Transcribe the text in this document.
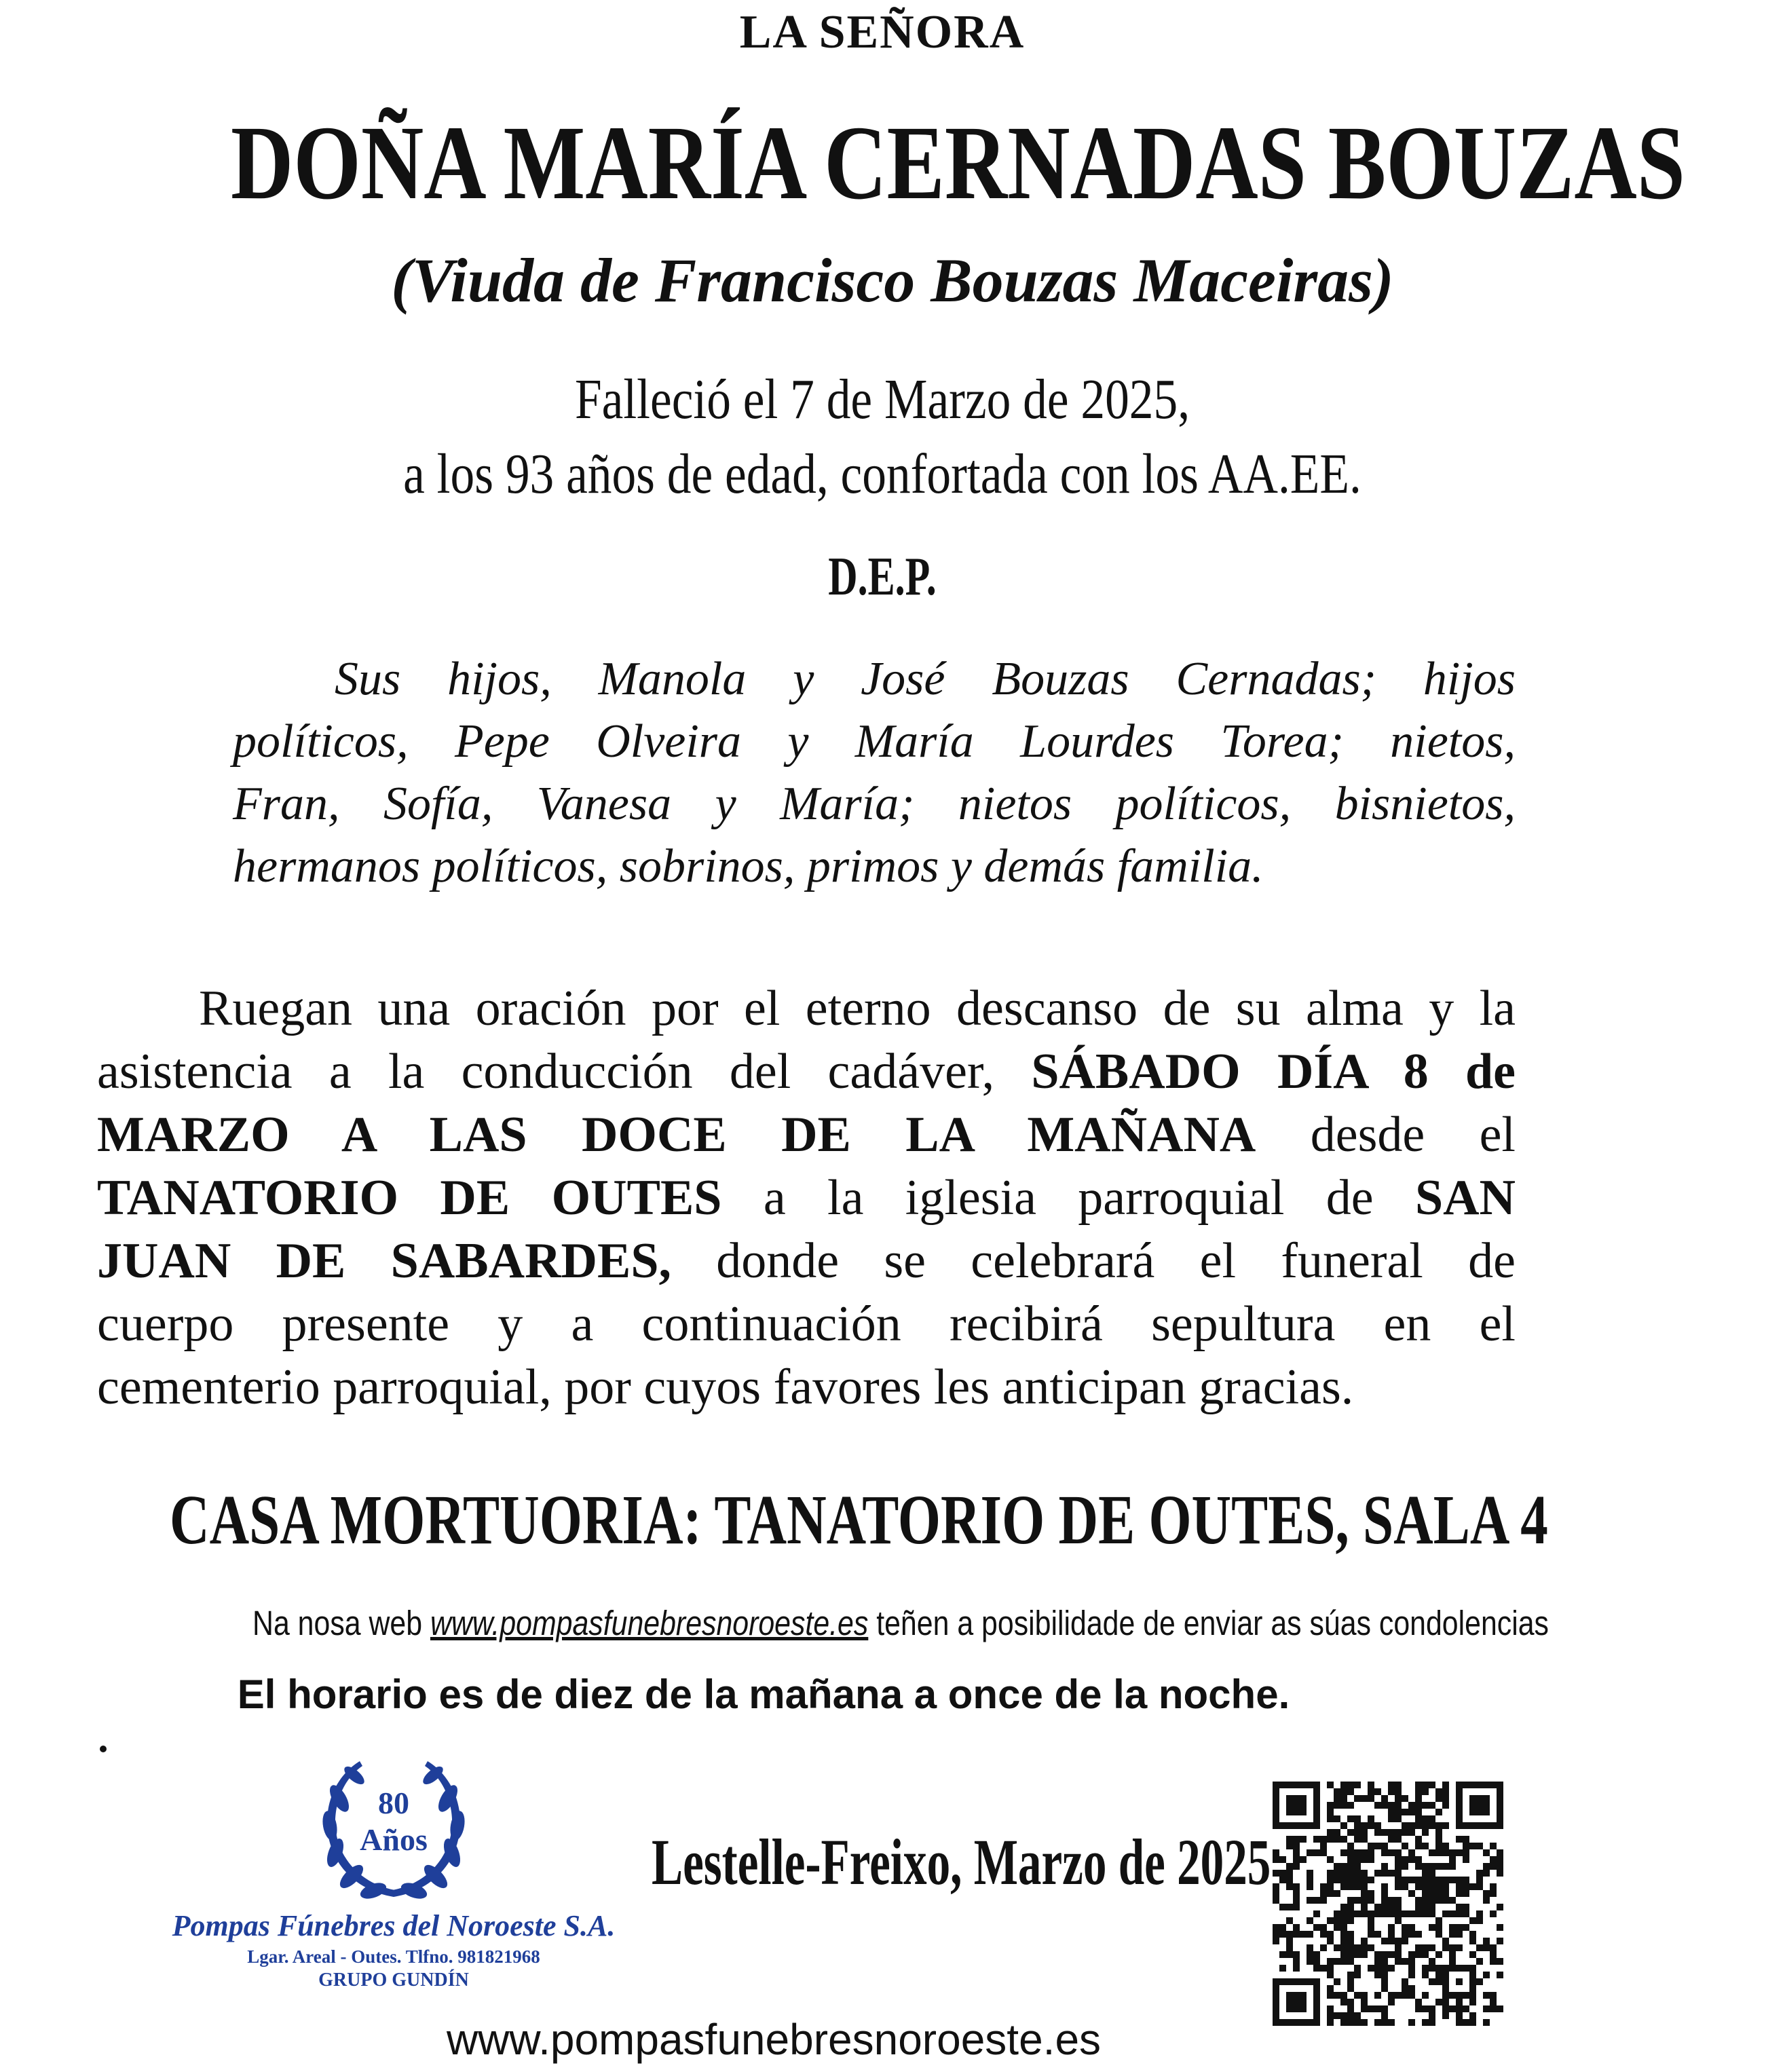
LA SEÑORA
DOÑA MARÍA CERNADAS BOUZAS
(Viuda de Francisco Bouzas Maceiras)
Falleció el 7 de Marzo de 2025,
a los 93 años de edad, confortada con los AA.EE.
D.E.P.
Sus hijos, Manola y José Bouzas Cernadas; hijos
políticos, Pepe Olveira y María Lourdes Torea; nietos,
Fran, Sofía, Vanesa y María; nietos políticos, bisnietos,
hermanos políticos, sobrinos, primos y demás familia.
Ruegan una oración por el eterno descanso de su alma y la
asistencia a la conducción del cadáver, SÁBADO DÍA 8 de
MARZO A LAS DOCE DE LA MAÑANA desde el
TANATORIO DE OUTES a la iglesia parroquial de SAN
JUAN DE SABARDES, donde se celebrará el funeral de
cuerpo presente y a continuación recibirá sepultura en el
cementerio parroquial, por cuyos favores les anticipan gracias.
CASA MORTUORIA: TANATORIO DE OUTES, SALA 4
Na nosa web www.pompasfunebresnoroeste.es teñen a posibilidade de enviar as súas condolencias
El horario es de diez de la mañana a once de la noche.
80
Años
Pompas Fúnebres del Noroeste S.A.
Lgar. Areal - Outes. Tlfno. 981821968
GRUPO GUNDÍN
Lestelle-Freixo, Marzo de 2025
www.pompasfunebresnoroeste.es
